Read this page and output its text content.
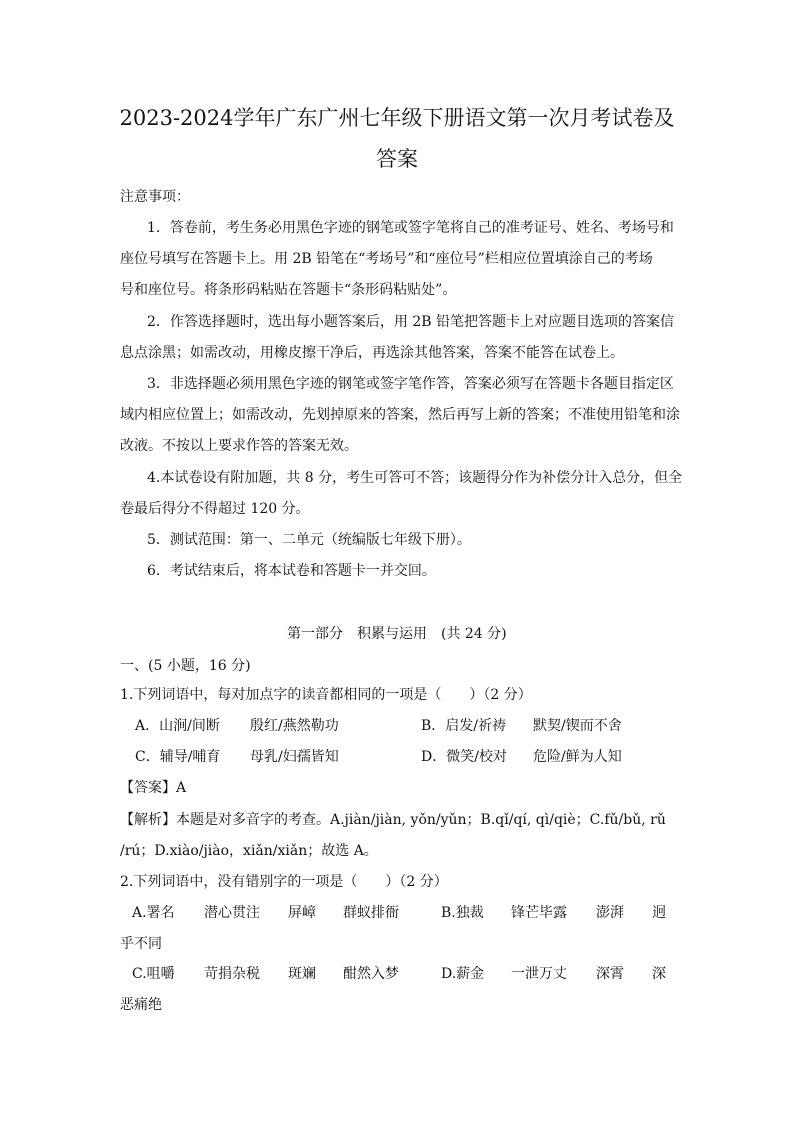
2023-2024学年广东广州七年级下册语文第一次月考试卷及
答案
注意事项：
1．答卷前，考生务必用黑色字迹的钢笔或签字笔将自己的准考证号、姓名、考场号和
座位号填写在答题卡上。用 2B 铅笔在“考场号”和“座位号”栏相应位置填涂自己的考场
号和座位号。将条形码粘贴在答题卡“条形码粘贴处”。
2．作答选择题时，选出每小题答案后，用 2B 铅笔把答题卡上对应题目选项的答案信
息点涂黑；如需改动，用橡皮擦干净后，再选涂其他答案，答案不能答在试卷上。
3．非选择题必须用黑色字迹的钢笔或签字笔作答，答案必须写在答题卡各题目指定区
域内相应位置上；如需改动，先划掉原来的答案，然后再写上新的答案；不准使用铅笔和涂
改液。不按以上要求作答的答案无效。
4.本试卷设有附加题，共 8 分，考生可答可不答；该题得分作为补偿分计入总分，但全
卷最后得分不得超过 120 分。
5．测试范围：第一、二单元（统编版七年级下册）。
6．考试结束后，将本试卷和答题卡一并交回。
第一部分　积累与运用　(共 24 分)
一、(5 小题，16 分)
1.下列词语中，每对加点字的读音都相同的一项是（　　）（2 分）
A．山涧/间断 殷红/燕然勒功	B．启发/祈祷 默契/锲而不舍
C．辅导/哺育 母乳/妇孺皆知	D．微笑/校对 危险/鲜为人知
【答案】A
【解析】本题是对多音字的考查。A.jiàn/jiàn, yǒn/yǔn；B.qǐ/qí, qì/qiè；C.fǔ/bǔ, rǔ
/rú；D.xiào/jiào，xiǎn/xiǎn；故选 A。
2.下列词语中，没有错别字的一项是（　　）（2 分）
A.署名 潜心贯注 屏嶂 群蚁排衙	B.独裁 锋芒毕露 澎湃 迥
乎不同
C.咀嚼 苛捐杂税 斑斓 酣然入梦	D.薪金 一泄万丈 深霄 深
恶痛绝
